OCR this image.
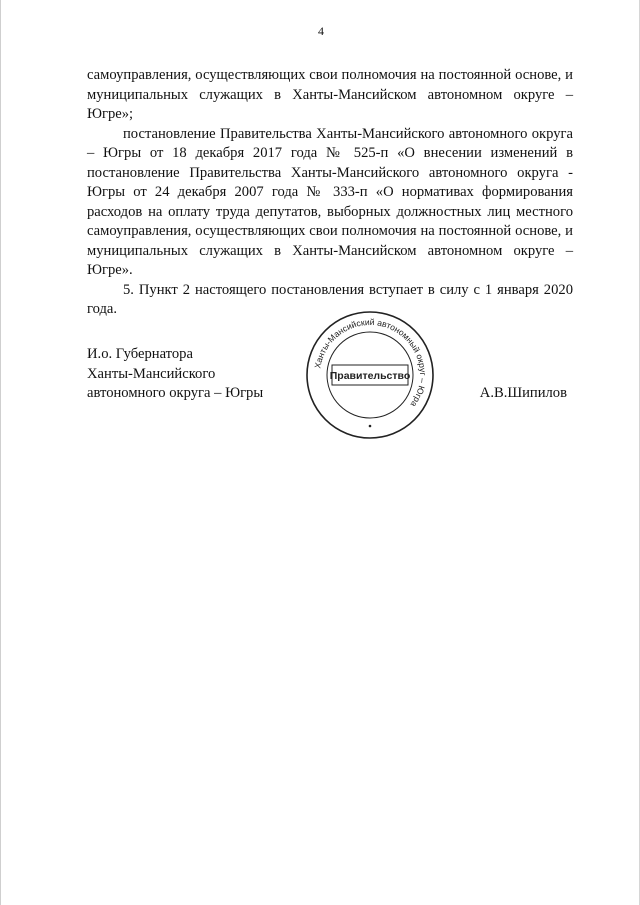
4

самоуправления, осуществляющих свои полномочия на постоянной основе, и муниципальных служащих в Ханты-Мансийском автономном округе – Югре»;

постановление Правительства Ханты-Мансийского автономного округа – Югры от 18 декабря 2017 года № 525-п «О внесении изменений в постановление Правительства Ханты-Мансийского автономного округа - Югры от 24 декабря 2007 года № 333-п «О нормативах формирования расходов на оплату труда депутатов, выборных должностных лиц местного самоуправления, осуществляющих свои полномочия на постоянной основе, и муниципальных служащих в Ханты-Мансийском автономном округе – Югре».

5. Пункт 2 настоящего постановления вступает в силу с 1 января 2020 года.

И.о. Губернатора
Ханты-Мансийского
автономного округа – Югры	А.В.Шипилов
Ханты-Мансийский автономный округ – Югра
Правительство
